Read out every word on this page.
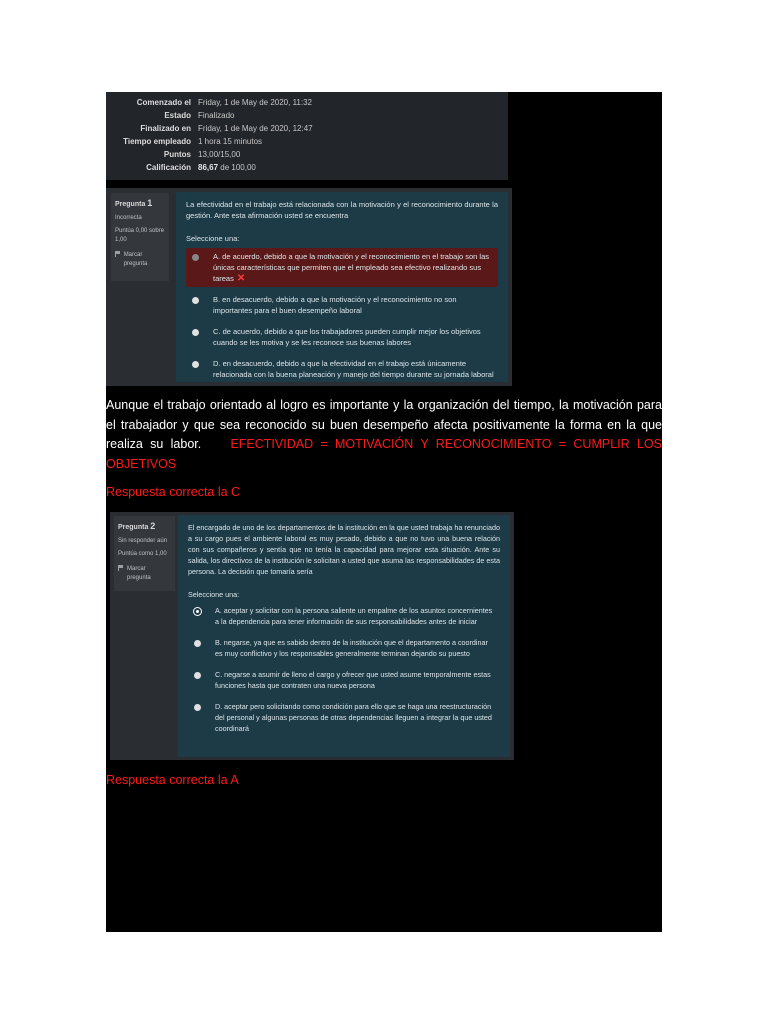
Comenzado el Friday, 1 de May de 2020, 11:32
Estado Finalizado
Finalizado en Friday, 1 de May de 2020, 12:47
Tiempo empleado 1 hora 15 minutos
Puntos 13,00/15,00
Calificación 86,67 de 100,00
Pregunta 1
Incorrecta
Puntúa 0,00 sobre 1,00
Marcar pregunta

La efectividad en el trabajo está relacionada con la motivación y el reconocimiento durante la gestión. Ante esta afirmación usted se encuentra

Seleccione una:
A. de acuerdo, debido a que la motivación y el reconocimiento en el trabajo son las únicas características que permiten que el empleado sea efectivo realizando sus tareas ✕
B. en desacuerdo, debido a que la motivación y el reconocimiento no son importantes para el buen desempeño laboral
C. de acuerdo, debido a que los trabajadores pueden cumplir mejor los objetivos cuando se les motiva y se les reconoce sus buenas labores
D. en desacuerdo, debido a que la efectividad en el trabajo está únicamente relacionada con la buena planeación y manejo del tiempo durante su jornada laboral
Aunque el trabajo orientado al logro es importante y la organización del tiempo, la motivación para el trabajador y que sea reconocido su buen desempeño afecta positivamente la forma en la que realiza su labor. EFECTIVIDAD = MOTIVACIÓN Y RECONOCIMIENTO = CUMPLIR LOS OBJETIVOS
Respuesta correcta la C
Pregunta 2
Sin responder aún
Puntúa como 1,00
Marcar pregunta

El encargado de uno de los departamentos de la institución en la que usted trabaja ha renunciado a su cargo pues el ambiente laboral es muy pesado, debido a que no tuvo una buena relación con sus compañeros y sentía que no tenía la capacidad para mejorar esta situación. Ante su salida, los directivos de la institución le solicitan a usted que asuma las responsabilidades de esta persona. La decisión que tomaría sería

Seleccione una:
A. aceptar y solicitar con la persona saliente un empalme de los asuntos concernientes a la dependencia para tener información de sus responsabilidades antes de iniciar
B. negarse, ya que es sabido dentro de la institución que el departamento a coordinar es muy conflictivo y los responsables generalmente terminan dejando su puesto
C. negarse a asumir de lleno el cargo y ofrecer que usted asume temporalmente estas funciones hasta que contraten una nueva persona
D. aceptar pero solicitando como condición para ello que se haga una reestructuración del personal y algunas personas de otras dependencias lleguen a integrar la que usted coordinará
Respuesta correcta la A
